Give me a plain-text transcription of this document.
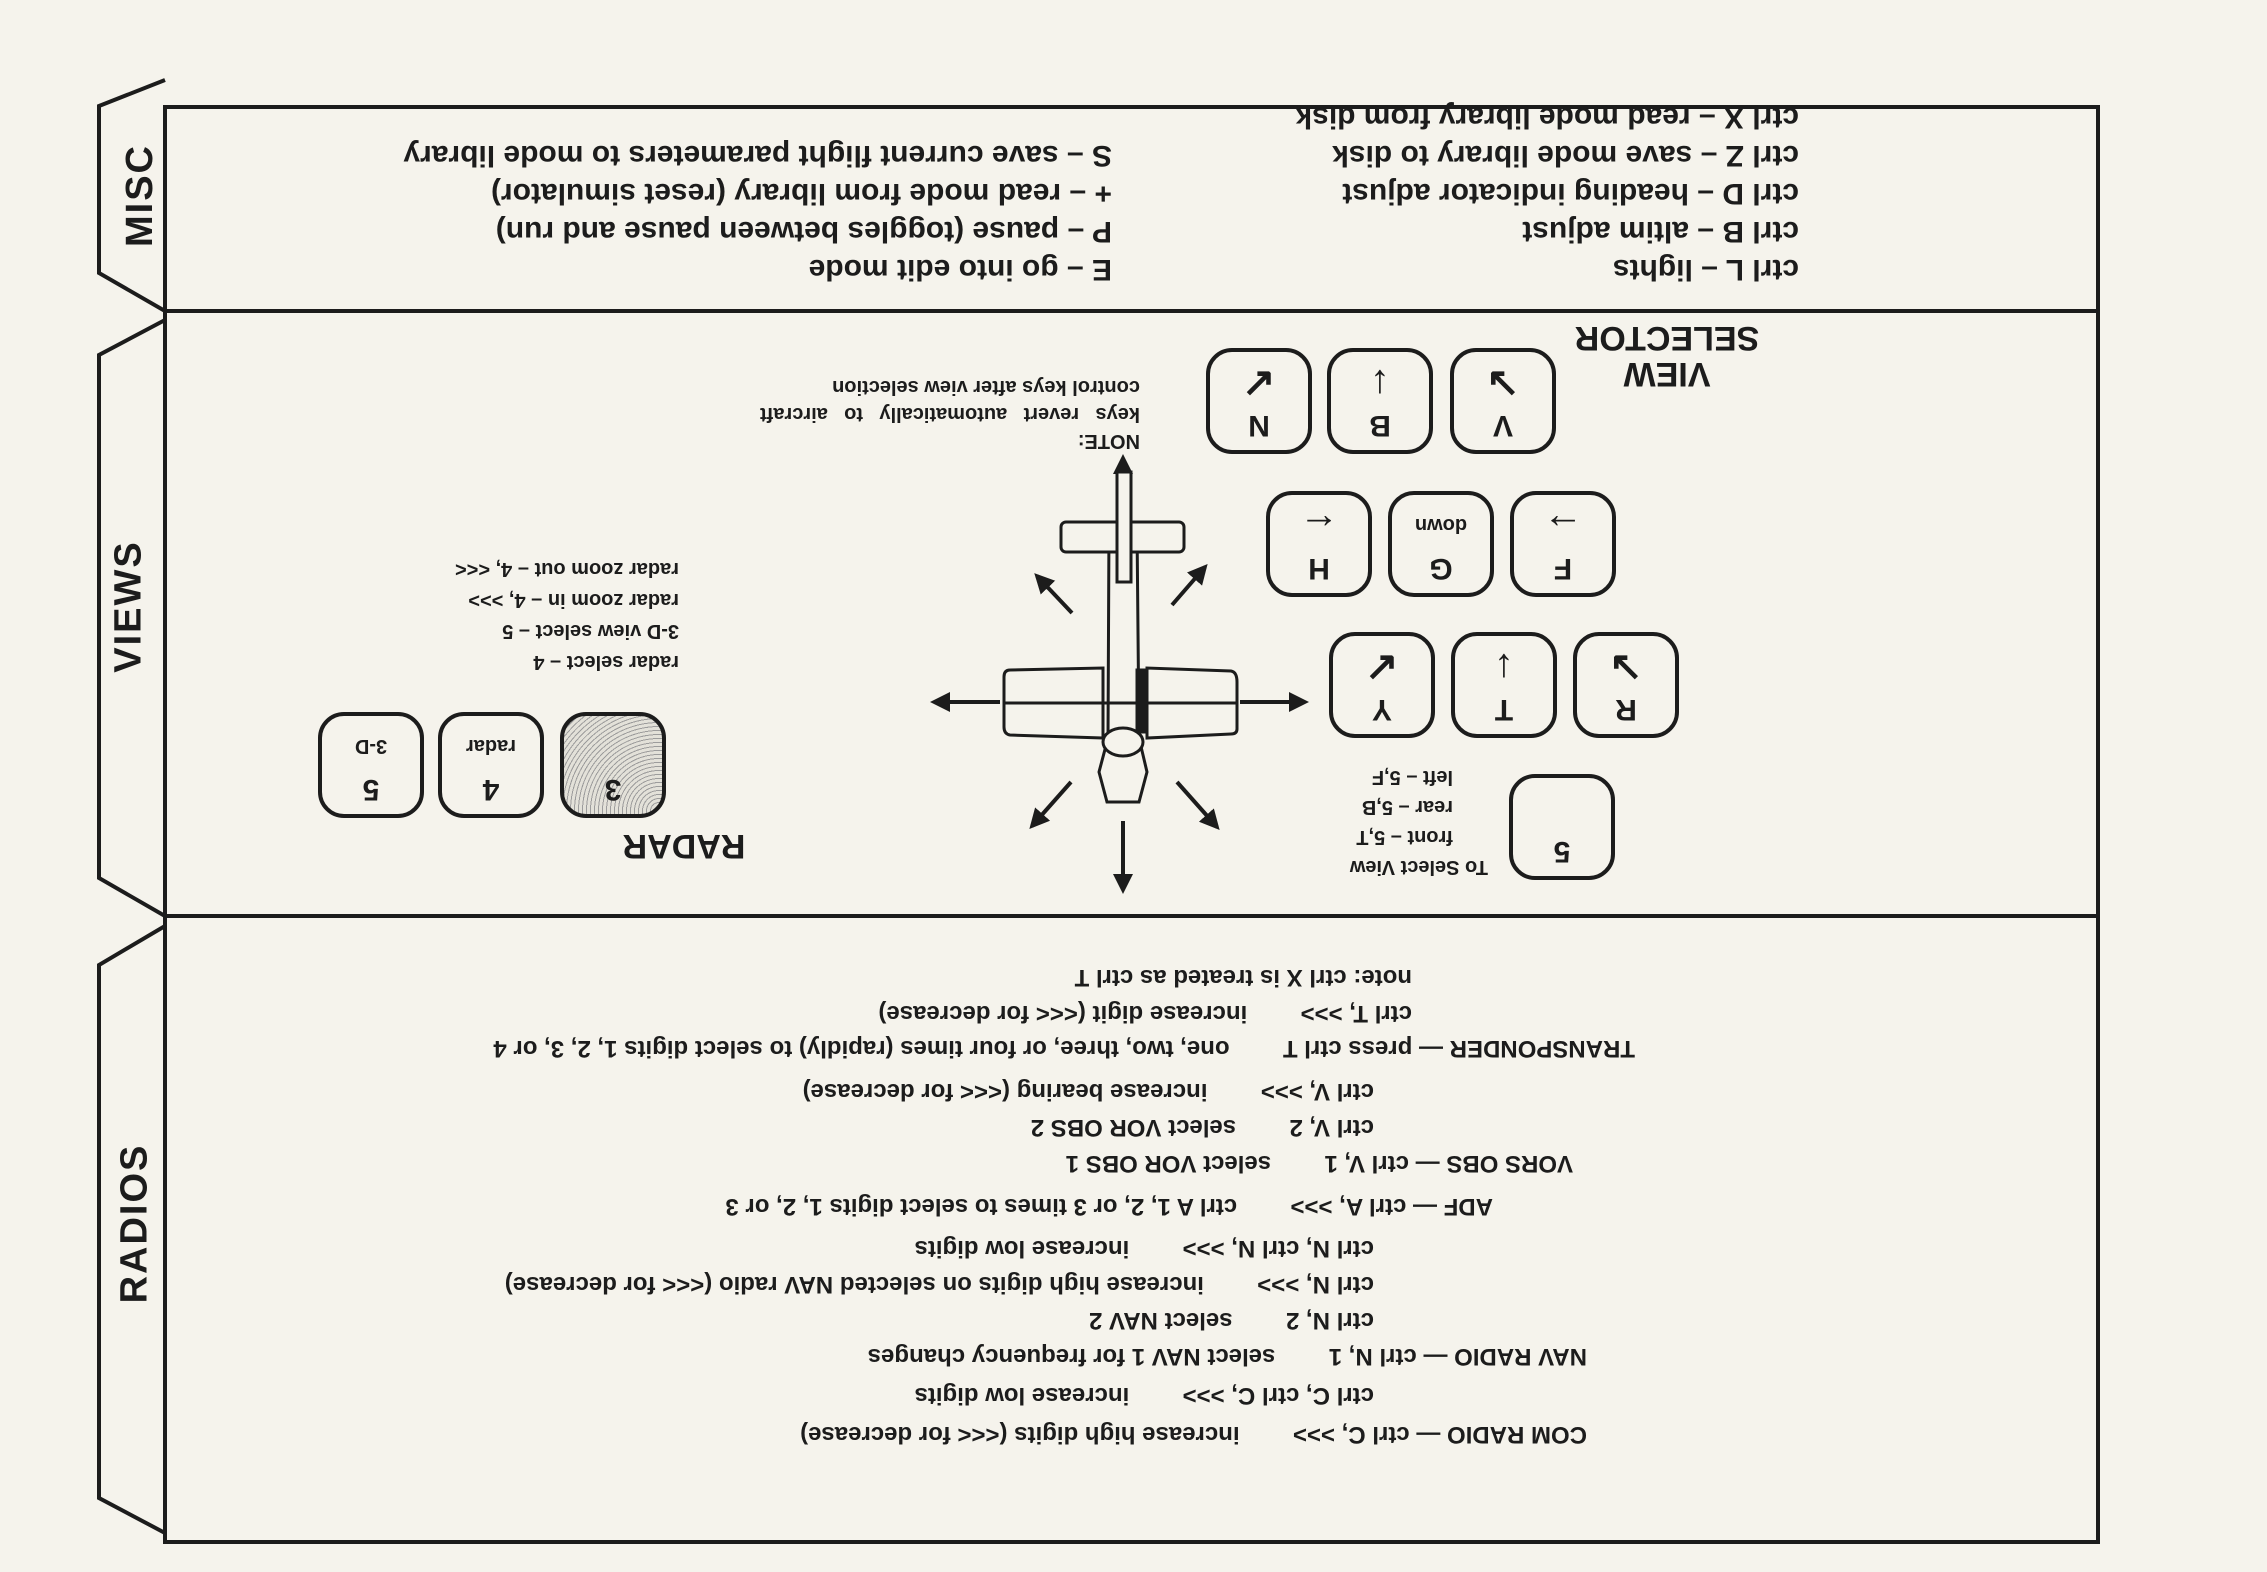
MISC
VIEWS
RADIOS
E – go into edit mode
P – pause (toggles between pause and run)
+ – read mode from library (reset simulator)
S – save current flight parameters to mode library
ctrl L – lights
ctrl B – altim adjust
ctrl D – heading indicator adjust
ctrl Z – save mode library to disk
ctrl X – read mode library from disk
VIEW
SELECTOR
V
↘
B
↓
N
↙
NOTE:
keys revert automatically to aircraft control keys after view selection
F
→
G
down
H
←
R
↘
T
↓
Y
↙
5
To Select View
front – 5,T
rear – 5,B
left – 5,F
RADAR
3
4
radar
5
3-D
radar select – 4
3-D view select – 5
radar zoom in – 4, >>>
radar zoom out – 4, <<<
COM RADIO — ctrl C, >>>        increase high digits (<<< for decrease)
ctrl C, ctrl C, >>>        increase low digits
NAV RADIO — ctrl N, 1        select NAV 1 for frequency changes
ctrl N, 2        select NAV 2
ctrl N, >>>        increase high digits on selected NAV radio (<<< for decrease)
ctrl N, ctrl N, >>>        increase low digits
ADF — ctrl A, >>>        ctrl A 1, 2, or 3 times to select digits 1, 2, or 3
VORS OBS — ctrl V, 1        select VOR OBS 1
ctrl V, 2        select VOR OBS 2
ctrl V, >>>        increase bearing (<<< for decrease)
TRANSPONDER — press ctrl T        one, two, three, or four times (rapidly) to select digits 1, 2, 3, or 4
ctrl T, >>>        increase digit (<<< for decrease)
note: ctrl X is treated as ctrl T
